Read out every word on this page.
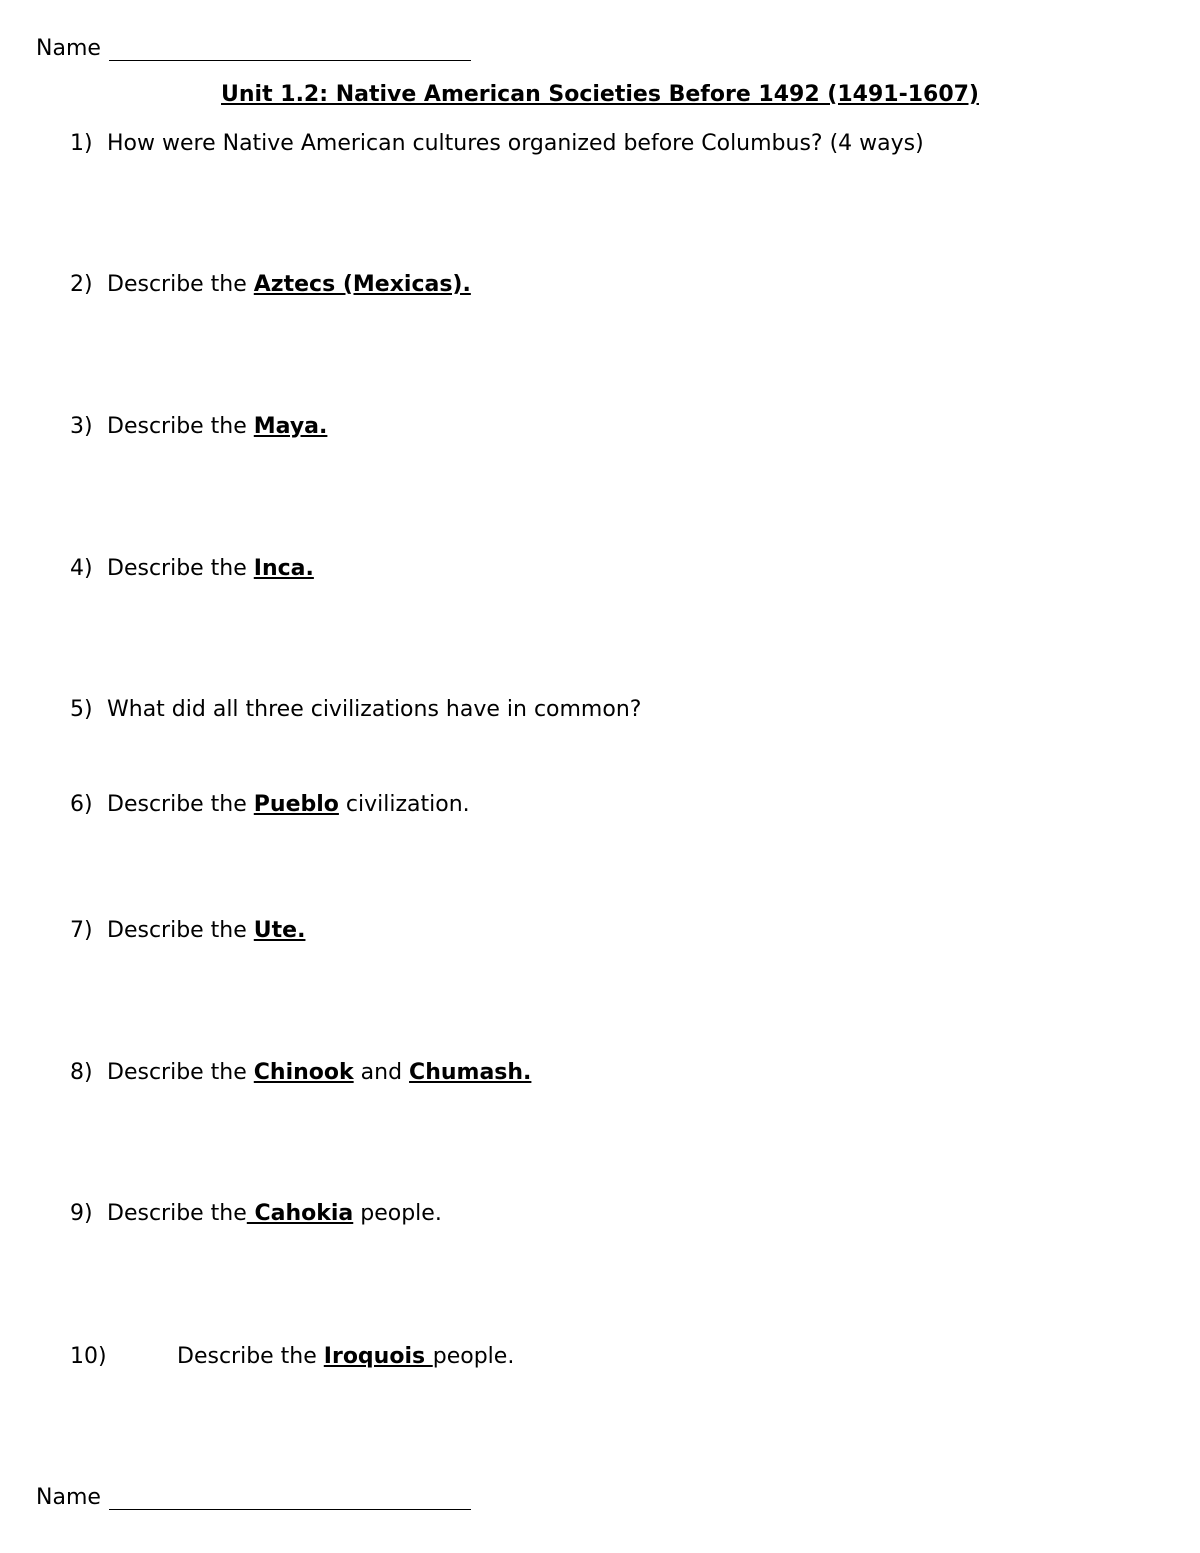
Name
Unit 1.2: Native American Societies Before 1492 (1491-1607)
1) How were Native American cultures organized before Columbus? (4 ways)
2) Describe the Aztecs (Mexicas).
3) Describe the Maya.
4) Describe the Inca.
5) What did all three civilizations have in common?
6) Describe the Pueblo civilization.
7) Describe the Ute.
8) Describe the Chinook and Chumash.
9) Describe the Cahokia people.
10)	Describe the Iroquois people.
Name
